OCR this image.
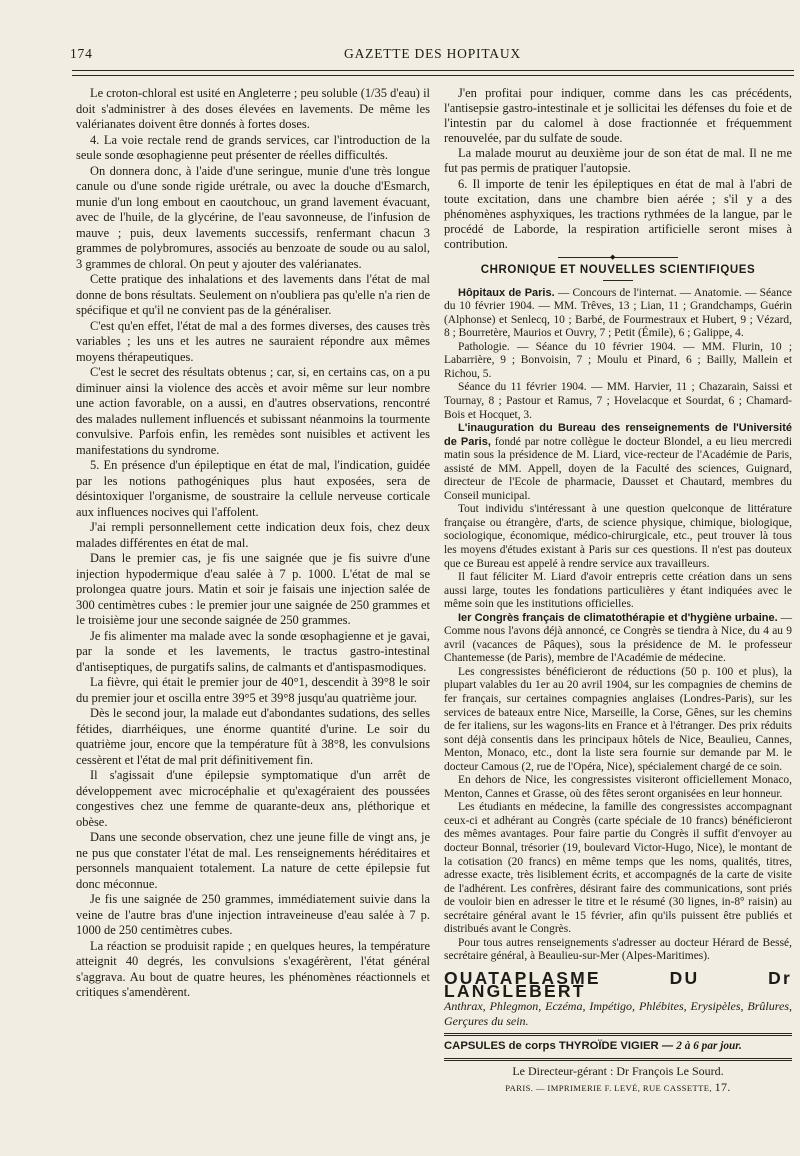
174	GAZETTE DES HOPITAUX

Le croton-chloral est usité en Angleterre ; peu soluble (1/35 d'eau) il doit s'administrer à des doses élevées en lavements. De même les valérianates doivent être donnés à fortes doses.

4. La voie rectale rend de grands services, car l'introduction de la seule sonde œsophagienne peut présenter de réelles difficultés.

On donnera donc, à l'aide d'une seringue, munie d'une très longue canule ou d'une sonde rigide urétrale, ou avec la douche d'Esmarch, munie d'un long embout en caoutchouc, un grand lavement évacuant, avec de l'huile, de la glycérine, de l'eau savonneuse, de l'infusion de mauve ; puis, deux lavements successifs, renfermant chacun 3 grammes de polybromures, associés au benzoate de soude ou au salol, 3 grammes de chloral. On peut y ajouter des valérianates.

Cette pratique des inhalations et des lavements dans l'état de mal donne de bons résultats. Seulement on n'oubliera pas qu'elle n'a rien de spécifique et qu'il ne convient pas de la généraliser.

C'est qu'en effet, l'état de mal a des formes diverses, des causes très variables ; les uns et les autres ne sauraient répondre aux mêmes moyens thérapeutiques.

C'est le secret des résultats obtenus ; car, si, en certains cas, on a pu diminuer ainsi la violence des accès et avoir même sur leur nombre une action favorable, on a aussi, en d'autres observations, rencontré des malades nullement influencés et subissant néanmoins la tourmente convulsive. Parfois enfin, les remèdes sont nuisibles et activent les manifestations du syndrome.

5. En présence d'un épileptique en état de mal, l'indication, guidée par les notions pathogéniques plus haut exposées, sera de désintoxiquer l'organisme, de soustraire la cellule nerveuse corticale aux influences nocives qui l'affolent.

J'ai rempli personnellement cette indication deux fois, chez deux malades différentes en état de mal.

Dans le premier cas, je fis une saignée que je fis suivre d'une injection hypodermique d'eau salée à 7 p. 1000. L'état de mal se prolongea quatre jours. Matin et soir je faisais une injection salée de 300 centimètres cubes : le premier jour une saignée de 250 grammes et le troisième jour une seconde saignée de 250 grammes.

Je fis alimenter ma malade avec la sonde œsophagienne et je gavai, par la sonde et les lavements, le tractus gastro-intestinal d'antiseptiques, de purgatifs salins, de calmants et d'antispasmodiques.

La fièvre, qui était le premier jour de 40°1, descendit à 39°8 le soir du premier jour et oscilla entre 39°5 et 39°8 jusqu'au quatrième jour.

Dès le second jour, la malade eut d'abondantes sudations, des selles fétides, diarrhéiques, une énorme quantité d'urine. Le soir du quatrième jour, encore que la température fût à 38°8, les convulsions cessèrent et l'état de mal prit définitivement fin.

Il s'agissait d'une épilepsie symptomatique d'un arrêt de développement avec microcéphalie et qu'exagéraient des poussées congestives chez une femme de quarante-deux ans, pléthorique et obèse.

Dans une seconde observation, chez une jeune fille de vingt ans, je ne pus que constater l'état de mal. Les renseignements héréditaires et personnels manquaient totalement. La nature de cette épilepsie fut donc méconnue.

Je fis une saignée de 250 grammes, immédiatement suivie dans la veine de l'autre bras d'une injection intraveineuse d'eau salée à 7 p. 1000 de 250 centimètres cubes.

La réaction se produisit rapide ; en quelques heures, la température atteignit 40 degrés, les convulsions s'exagérèrent, l'état général s'aggrava. Au bout de quatre heures, les phénomènes réactionnels et critiques s'amendèrent.

J'en profitai pour indiquer, comme dans les cas précédents, l'antisepsie gastro-intestinale et je sollicitai les défenses du foie et de l'intestin par du calomel à dose fractionnée et fréquemment renouvelée, par du sulfate de soude.

La malade mourut au deuxième jour de son état de mal. Il ne me fut pas permis de pratiquer l'autopsie.

6. Il importe de tenir les épileptiques en état de mal à l'abri de toute excitation, dans une chambre bien aérée ; s'il y a des phénomènes asphyxiques, les tractions rythmées de la langue, par le procédé de Laborde, la respiration artificielle seront mises à contribution.

◆
CHRONIQUE ET NOUVELLES SCIENTIFIQUES

Hôpitaux de Paris. — Concours de l'internat. — Anatomie. — Séance du 10 février 1904. — MM. Trêves, 13 ; Lian, 11 ; Grandchamps, Guérin (Alphonse) et Senlecq, 10 ; Barbé, de Fourmestraux et Hubert, 9 ; Vézard, 8 ; Bourretère, Maurios et Ouvry, 7 ; Petit (Émile), 6 ; Galippe, 4.

Pathologie. — Séance du 10 février 1904. — MM. Flurin, 10 ; Labarrière, 9 ; Bonvoisin, 7 ; Moulu et Pinard, 6 ; Bailly, Mallein et Richou, 5.

Séance du 11 février 1904. — MM. Harvier, 11 ; Chazarain, Saissi et Tournay, 8 ; Pastour et Ramus, 7 ; Hovelacque et Sourdat, 6 ; Chamard-Bois et Hocquet, 3.

L'inauguration du Bureau des renseignements de l'Université de Paris, fondé par notre collègue le docteur Blondel, a eu lieu mercredi matin sous la présidence de M. Liard, vice-recteur de l'Académie de Paris, assisté de MM. Appell, doyen de la Faculté des sciences, Guignard, directeur de l'Ecole de pharmacie, Dausset et Chautard, membres du Conseil municipal.

Tout individu s'intéressant à une question quelconque de littérature française ou étrangère, d'arts, de science physique, chimique, biologique, sociologique, économique, médico-chirurgicale, etc., peut trouver là tous les moyens d'études existant à Paris sur ces questions. Il n'est pas douteux que ce Bureau est appelé à rendre service aux travailleurs.

Il faut féliciter M. Liard d'avoir entrepris cette création dans un sens aussi large, toutes les fondations particulières y étant indiquées avec le même soin que les institutions officielles.

Ier Congrès français de climatothérapie et d'hygiène urbaine. — Comme nous l'avons déjà annoncé, ce Congrès se tiendra à Nice, du 4 au 9 avril (vacances de Pâques), sous la présidence de M. le professeur Chantemesse (de Paris), membre de l'Académie de médecine.

Les congressistes bénéficieront de réductions (50 p. 100 et plus), la plupart valables du 1er au 20 avril 1904, sur les compagnies de chemins de fer français, sur certaines compagnies anglaises (Londres-Paris), sur les services de bateaux entre Nice, Marseille, la Corse, Gênes, sur les chemins de fer italiens, sur les wagons-lits en France et à l'étranger. Des prix réduits sont déjà consentis dans les principaux hôtels de Nice, Beaulieu, Cannes, Menton, Monaco, etc., dont la liste sera fournie sur demande par M. le docteur Camous (2, rue de l'Opéra, Nice), spécialement chargé de ce soin.

En dehors de Nice, les congressistes visiteront officiellement Monaco, Menton, Cannes et Grasse, où des fêtes seront organisées en leur honneur.

Les étudiants en médecine, la famille des congressistes accompagnant ceux-ci et adhérant au Congrès (carte spéciale de 10 francs) bénéficieront des mêmes avantages. Pour faire partie du Congrès il suffit d'envoyer au docteur Bonnal, trésorier (19, boulevard Victor-Hugo, Nice), le montant de la cotisation (20 francs) en même temps que les noms, qualités, titres, adresse exacte, très lisiblement écrits, et accompagnés de la carte de visite de l'adhérent. Les confrères, désirant faire des communications, sont priés de vouloir bien en adresser le titre et le résumé (30 lignes, in-8° raisin) au secrétaire général avant le 15 février, afin qu'ils puissent être publiés et distribués avant le Congrès.

Pour tous autres renseignements s'adresser au docteur Hérard de Bessé, secrétaire général, à Beaulieu-sur-Mer (Alpes-Maritimes).

OUATAPLASME DU Dr LANGLEBERT

Anthrax, Phlegmon, Eczéma, Impétigo, Phlébites, Erysipèles, Brûlures, Gerçures du sein.

CAPSULES de corps THYROÏDE VIGIER — 2 à 6 par jour.

Le Directeur-gérant : Dr François Le Sourd.

PARIS. — IMPRIMERIE F. LEVÉ, RUE CASSETTE, 17.
